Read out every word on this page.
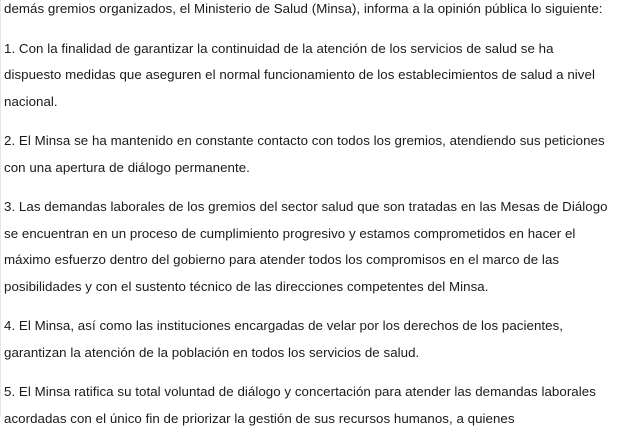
demás gremios organizados, el Ministerio de Salud (Minsa), informa a la opinión pública lo siguiente:

1. Con la finalidad de garantizar la continuidad de la atención de los servicios de salud se ha dispuesto medidas que aseguren el normal funcionamiento de los establecimientos de salud a nivel nacional.

2. El Minsa se ha mantenido en constante contacto con todos los gremios, atendiendo sus peticiones con una apertura de diálogo permanente.

3. Las demandas laborales de los gremios del sector salud que son tratadas en las Mesas de Diálogo se encuentran en un proceso de cumplimiento progresivo y estamos comprometidos en hacer el máximo esfuerzo dentro del gobierno para atender todos los compromisos en el marco de las posibilidades y con el sustento técnico de las direcciones competentes del Minsa.

4. El Minsa, así como las instituciones encargadas de velar por los derechos de los pacientes, garantizan la atención de la población en todos los servicios de salud.

5. El Minsa ratifica su total voluntad de diálogo y concertación para atender las demandas laborales acordadas con el único fin de priorizar la gestión de sus recursos humanos, a quienes
